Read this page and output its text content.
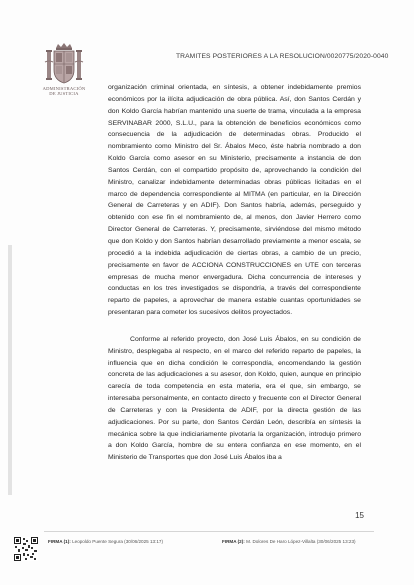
ADMINISTRACIÓN
DE JUSTICIA
TRAMITES POSTERIORES A LA RESOLUCION/0020775/2020-0040

organización criminal orientada, en síntesis, a obtener indebidamente premios económicos por la ilícita adjudicación de obra pública. Así, don Santos Cerdán y don Koldo García habrían mantenido una suerte de trama, vinculada a la empresa SERVINABAR 2000, S.L.U., para la obtención de beneficios económicos como consecuencia de la adjudicación de determinadas obras. Producido el nombramiento como Ministro del Sr. Ábalos Meco, éste habría nombrado a don Koldo García como asesor en su Ministerio, precisamente a instancia de don Santos Cerdán, con el compartido propósito de, aprovechando la condición del Ministro, canalizar indebidamente determinadas obras públicas licitadas en el marco de dependencia correspondiente al MITMA (en particular, en la Dirección General de Carreteras y en ADIF). Don Santos habría, además, perseguido y obtenido con ese fin el nombramiento de, al menos, don Javier Herrero como Director General de Carreteras. Y, precisamente, sirviéndose del mismo método que don Koldo y don Santos habrían desarrollado previamente a menor escala, se procedió a la indebida adjudicación de ciertas obras, a cambio de un precio, precisamente en favor de ACCIONA CONSTRUCCIONES en UTE con terceras empresas de mucha menor envergadura. Dicha concurrencia de intereses y conductas en los tres investigados se dispondría, a través del correspondiente reparto de papeles, a aprovechar de manera estable cuantas oportunidades se presentaran para cometer los sucesivos delitos proyectados.

Conforme al referido proyecto, don José Luis Ábalos, en su condición de Ministro, desplegaba al respecto, en el marco del referido reparto de papeles, la influencia que en dicha condición le correspondía, encomendando la gestión concreta de las adjudicaciones a su asesor, don Koldo, quien, aunque en principio carecía de toda competencia en esta materia, era el que, sin embargo, se interesaba personalmente, en contacto directo y frecuente con el Director General de Carreteras y con la Presidenta de ADIF, por la directa gestión de las adjudicaciones. Por su parte, don Santos Cerdán León, describía en síntesis la mecánica sobre la que indiciariamente pivotaría la organización, introdujo primero a don Koldo García, hombre de su entera confianza en ese momento, en el Ministerio de Transportes que don José Luis Ábalos iba a

15
FIRMA (1): Leopoldo Puente Segura (30/06/2025 13:17)	FIRMA (2): M. Dolores De Haro López-Villalta (30/06/2025 13:23)
